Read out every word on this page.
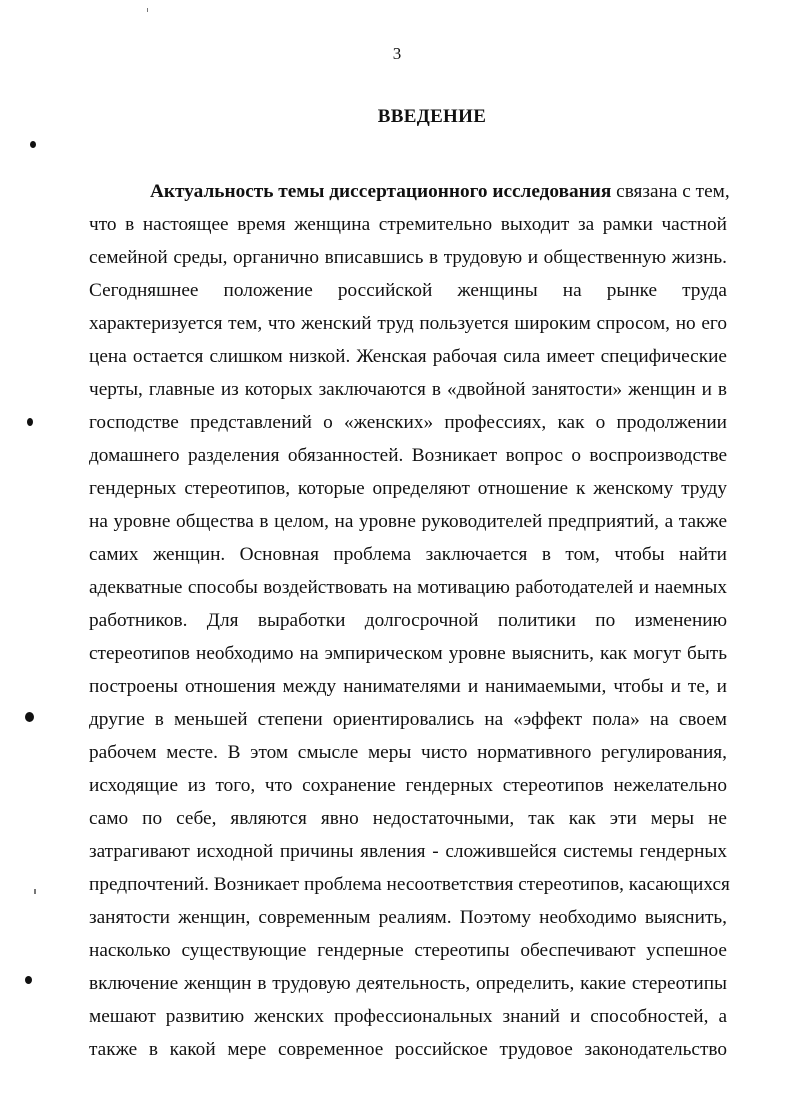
3
ВВЕДЕНИЕ
Актуальность темы диссертационного исследования связана с тем,
что в настоящее время женщина стремительно выходит за рамки частной
семейной среды, органично вписавшись в трудовую и общественную жизнь.
Сегодняшнее положение российской женщины на рынке труда
характеризуется тем, что женский труд пользуется широким спросом, но его
цена остается слишком низкой. Женская рабочая сила имеет специфические
черты, главные из которых заключаются в «двойной занятости» женщин и в
господстве представлений о «женских» профессиях, как о продолжении
домашнего разделения обязанностей. Возникает вопрос о воспроизводстве
гендерных стереотипов, которые определяют отношение к женскому труду
на уровне общества в целом, на уровне руководителей предприятий, а также
самих женщин. Основная проблема заключается в том, чтобы найти
адекватные способы воздействовать на мотивацию работодателей и наемных
работников. Для выработки долгосрочной политики по изменению
стереотипов необходимо на эмпирическом уровне выяснить, как могут быть
построены отношения между нанимателями и нанимаемыми, чтобы и те, и
другие в меньшей степени ориентировались на «эффект пола» на своем
рабочем месте. В этом смысле меры чисто нормативного регулирования,
исходящие из того, что сохранение гендерных стереотипов нежелательно
само по себе, являются явно недостаточными, так как эти меры не
затрагивают исходной причины явления - сложившейся системы гендерных
предпочтений. Возникает проблема несоответствия стереотипов, касающихся
занятости женщин, современным реалиям. Поэтому необходимо выяснить,
насколько существующие гендерные стереотипы обеспечивают успешное
включение женщин в трудовую деятельность, определить, какие стереотипы
мешают развитию женских профессиональных знаний и способностей, а
также в какой мере современное российское трудовое законодательство
